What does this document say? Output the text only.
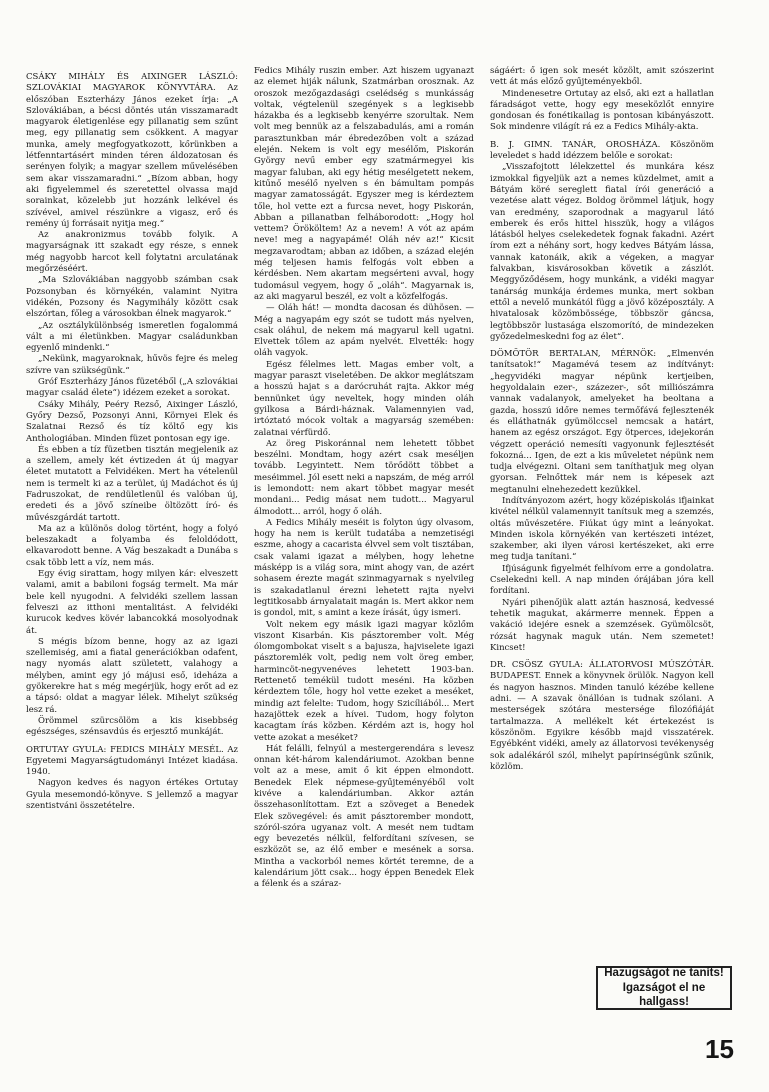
CSÁKY MIHÁLY ÉS AIXINGER LÁSZLÓ: SZLOVÁKIAI MAGYAROK KÖNYVTÁRA. Az előszóban Eszterházy János ezeket írja: „A Szlovákiában, a bécsi döntés után visszamaradt magyarok életigenlése egy pillanatig sem szűnt meg, egy pillanatig sem csökkent. A magyar munka, amely megfogyatkozott, kőrünkben a létfenntartásért minden téren áldozatosan és serényen folyik; a magyar szellem művelésében sem akar visszamaradni.“ „Bízom abban, hogy aki figyelemmel és szeretettel olvassa majd sorainkat, közelebb jut hozzánk lelkével és szívével, amivel részünkre a vigasz, erő és remény új forrásait nyitja meg.“

Az anakronizmus tovább folyik. A magyarságnak itt szakadt egy része, s ennek még nagyobb harcot kell folytatni arculatának megőrzéséért.

„Ma Szlovákiában naggyobb számban csak Pozsonyban és környékén, valamint Nyitra vidékén, Pozsony és Nagymihály között csak elszórtan, főleg a városokban élnek magyarok.“

„Az osztálykülönbség ismeretlen fogalommá vált a mi életünkben. Magyar családunkban egyenlő mindenki.“

„Nekünk, magyaroknak, hűvös fejre és meleg szívre van szükségünk.“

Gróf Eszterházy János füzetéből („A szlovákiai magyar család élete“) idézem ezeket a sorokat.

Csáky Mihály, Peéry Rezső, Aixinger László, Győry Dezső, Pozsonyi Anni, Környei Elek és Szalatnai Rezső és tíz költő egy kis Anthologiában. Minden füzet pontosan egy ige.

És ebben a tíz füzetben tisztán megjelenik az a szellem, amely két évtizeden át új magyar életet mutatott a Felvidéken. Mert ha vételenül nem is termelt ki az a terület, új Madáchot és új Fadruszokat, de rendületlenül és valóban új, eredeti és a jövő színeibe öltözött író- és művészgárdát tartott.

Ma az a különös dolog történt, hogy a folyó beleszakadt a folyamba és feloldódott, elkavarodott benne. A Vág beszakadt a Dunába s csak több lett a víz, nem más.

Egy évig sirattam, hogy milyen kár: elveszett valami, amit a babiloni fogság termelt. Ma már bele kell nyugodni. A felvidéki szellem lassan felveszi az itthoni mentalitást. A felvidéki kurucok kedves kövér labancokká mosolyodnak át.

S mégis bízom benne, hogy az az igazi szellemiség, ami a fiatal generációkban odafent, nagy nyomás alatt született, valahogy a mélyben, amint egy jó májusi eső, ideháza a gyökerekre hat s még megérjük, hogy erőt ad ez a tápsó: oldat a magyar lélek. Mihelyt szükség lesz rá.

Örömmel szürcsölöm a kis kisebbség egészséges, szénsavdús és erjesztő munkáját.

ORTUTAY GYULA: FEDICS MIHÁLY MESÉL. Az Egyetemi Magyarságtudományi Intézet kiadása. 1940.

Nagyon kedves és nagyon értékes Ortutay Gyula mesemondó-könyve. S jellemző a magyar szentistváni összetételre.

Fedics Mihály ruszin ember. Azt hiszem ugyanazt az elemet hiják nálunk, Szatmárban orosznak. Az oroszok mezőgazdasági cselédség s munkásság voltak, végtelenül szegények s a legkisebb házakba és a legkisebb kenyérre szorultak. Nem volt meg bennük az a felszabadulás, ami a román parasztunkban már ébredezőben volt a század elején. Nekem is volt egy mesélőm, Piskorán György nevű ember egy szatmármegyei kis magyar faluban, aki egy hétig mesélgetett nekem, kitűnő mesélő nyelven s én bámultam pompás magyar zamatosságát. Egyszer meg is kérdeztem tőle, hol vette ezt a furcsa nevet, hogy Piskorán, Abban a pillanatban felháborodott: „Hogy hol vettem? Örököltem! Az a nevem! A vót az apám neve! meg a nagyapámé! Oláh név az!“ Kicsit megzavarodtam; abban az időben, a század elején még teljesen hamis felfogás volt ebben a kérdésben. Nem akartam megsérteni avval, hogy tudomásul vegyem, hogy ő „oláh“. Magyarnak is, az aki magyarul beszél, ez volt a közfelfogás.

— Oláh hát! — mondta dacosan és dühösen. — Még a nagyapám egy szót se tudott más nyelven, csak oláhul, de nekem má magyarul kell ugatni. Elvettek tőlem az apám nyelvét. Elvették: hogy oláh vagyok.

Egész félelmes lett. Magas ember volt, a magyar paraszt viseletében. De akkor meglátszam a hosszú hajat s a darócruhát rajta. Akkor még bennünket úgy neveltek, hogy minden oláh gyilkosa a Bárdi-háznak. Valamennyien vad, irtóztató mócok voltak a magyarság szemében: zalatnai vérfürdő.

Az öreg Piskoránnal nem lehetett többet beszélni. Mondtam, hogy azért csak meséljen tovább. Legyintett. Nem törődött többet a meséimmel. Jól esett neki a napszám, de még arról is lemondott: nem akart többet magyar mesét mondani... Pedig másat nem tudott... Magyarul álmodott... arról, hogy ő oláh.

A Fedics Mihály meséit is folyton úgy olvasom, hogy ha nem is került tudatába a nemzetiségi eszme, ahogy a cacarista élvvel sem volt tisztában, csak valami igazat a mélyben, hogy lehetne másképp is a világ sora, mint ahogy van, de azért sohasem érezte magát szinmagyarnak s nyelvileg is szakadatlanul érezni lehetett rajta nyelvi legtitkosabb árnyalatait magán is. Mert akkor nem is gondol, mit, s amint a keze írását, úgy ismeri.

Volt nekem egy másik igazi magyar közlőm viszont Kisarbán. Kis pásztorember volt. Még ólomgombokat viselt s a bajusza, hajviselete igazi pásztoremlék volt, pedig nem volt öreg ember, harmincöt-negyvenéves lehetett 1903-ban. Rettenető temékül tudott meséni. Ha közben kérdeztem tőle, hogy hol vette ezeket a meséket, mindig azt felelte: Tudom, hogy Szicíliából... Mert hazajöttek ezek a hívei. Tudom, hogy folyton kacagtam írás közben. Kérdém azt is, hogy hol vette azokat a meséket?

Hát felálli, felnyúl a mestergerendára s levesz onnan két-három kalendáriumot. Azokban benne volt az a mese, amit ő kit éppen elmondott. Benedek Elek népmese-gyűjteményéből volt kivéve a kalendáriumban. Akkor aztán összehasonlítottam. Ezt a szöveget a Benedek Elek szövegével: és amit pásztorember mondott, szóról-szóra ugyanaz volt. A mesét nem tudtam egy bevezetés nélkül, felfordítani szívesen, se eszközöt se, az élő ember e mesének a sorsa. Mintha a vackorból nemes körtét teremne, de a kalendárium jött csak... hogy éppen Benedek Elek a félenk és a száraz-

ságáért: ő igen sok mesét közölt, amit szószerint vett át más előző gyűjteményekből.

Mindenesetre Ortutay az első, aki ezt a hallatlan fáradságot vette, hogy egy meseközlőt ennyire gondosan és fonétikailag is pontosan kibányászott. Sok mindenre világít rá ez a Fedics Mihály-akta.

B. J. GIMN. TANÁR, OROSHÁZA. Köszönöm leveledet s hadd idézzem belőle e sorokat:

„Visszafojtott lélekzettel és munkára kész izmokkal figyeljük azt a nemes küzdelmet, amit a Bátyám köré sereglett fiatal írói generáció a vezetése alatt végez. Boldog örömmel látjuk, hogy van eredmény, szaporodnak a magyarul látó emberek és erős hittel hisszük, hogy a világos látásból helyes cselekedetek fognak fakadni. Azért írom ezt a néhány sort, hogy kedves Bátyám lássa, vannak katonáik, akik a végeken, a magyar falvakban, kisvárosokban követik a zászlót. Meggyőződésem, hogy munkánk, a vidéki magyar tanárság munkája érdemes munka, mert sokban ettől a nevelő munkától függ a jövő középosztály. A hivatalosak közömbössége, többször gáncsa, legtöbbször lustasága elszomorító, de mindezeken győzedelmeskedni fog az élet“.

DÖMÖTÖR BERTALAN, MÉRNÖK: „Elmenvén tanítsatok!“ Magamévá tesem az indítványt: „hegyvidéki magyar népünk kertjeiben, hegyoldalain ezer-, százezer-, sőt milliószámra vannak vadalanyok, amelyeket ha beoltana a gazda, hosszú időre nemes termőfává fejlesztenék és elláthatnák gyümölccsel nemcsak a határt, hanem az egész országot. Egy ötperces, idejekorán végzett operáció nemesíti vagyonunk fejlesztését fokozná... Igen, de ezt a kis műveletet népünk nem tudja elvégezni. Oltani sem taníthatjuk meg olyan gyorsan. Felnőttek már nem is képesek azt megtanulni elnehezedett kezükkel.

Indítványozom azért, hogy középiskolás ifjainkat kivétel nélkül valamennyit tanítsuk meg a szemzés, oltás művészetére. Fiúkat úgy mint a leányokat. Minden iskola környékén van kertészeti intézet, szakember, aki ilyen városi kertészeket, aki erre meg tudja tanítani.“

Ifjúságunk figyelmét felhívom erre a gondolatra. Cselekedni kell. A nap minden órájában jóra kell fordítani.

Nyári pihenőjük alatt aztán hasznosá, kedvessé tehetik magukat, akármerre mennek. Éppen a vakáció idejére esnek a szemzések. Gyümölcsöt, rózsát hagynak maguk után. Nem szemetet! Kincset!

DR. CSÖSZ GYULA: ÁLLATORVOSI MÚSZÓTÁR. BUDAPEST. Ennek a könyvnek örülök. Nagyon kell és nagyon hasznos. Minden tanuló kézébe kellene adni. — A szavak önállóan is tudnak szólani. A mesterségek szótára mestersége filozófiáját tartalmazza. A mellékelt két értekezést is köszönöm. Egyikre később majd visszatérek. Egyébként vidéki, amely az állatorvosi tevékenység sok adalékáról szól, mihelyt papírinségünk szűnik, közlöm.

Hazugságot ne taníts!
Igazságot el ne hallgass!
15
